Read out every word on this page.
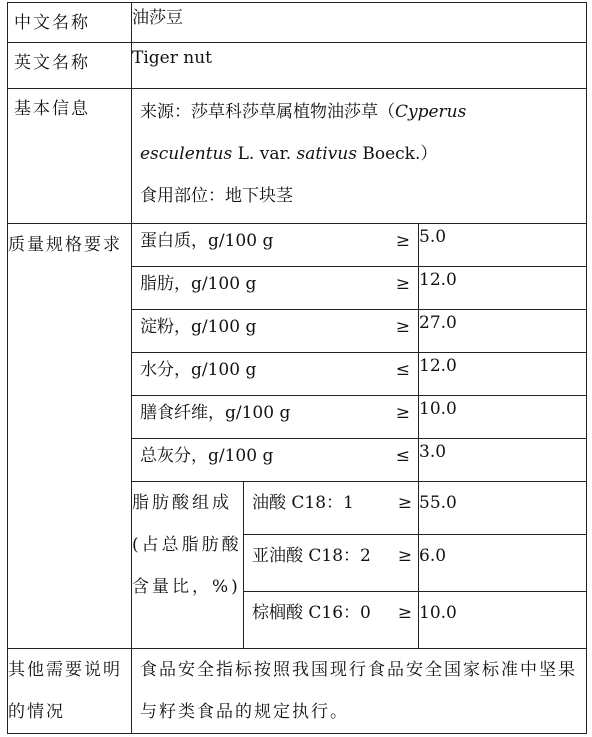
中文名称	油莎豆		
英文名称	Tiger nut		
基本信息	来源：莎草科莎草属植物油莎草（Cyperus
esculentus L. var. sativus Boeck.）
食用部位：地下块茎		

质量规格要求	蛋白质，g/100 g ≥		5.0

	脂肪，g/100 g ≥		12.0

	淀粉，g/100 g ≥		27.0

	水分，g/100 g ≤		12.0

	膳食纤维，g/100 g ≥		10.0

	总灰分，g/100 g ≤		3.0
	脂肪酸组成(占总脂肪酸含量比，%)	油酸 C18：1 ≥	55.0

		亚油酸 C18：2 ≥	6.0

		棕榈酸 C16：0 ≥	10.0
其他需要说明的情况	食品安全指标按照我国现行食品安全国家标准中坚果与籽类食品的规定执行。		
